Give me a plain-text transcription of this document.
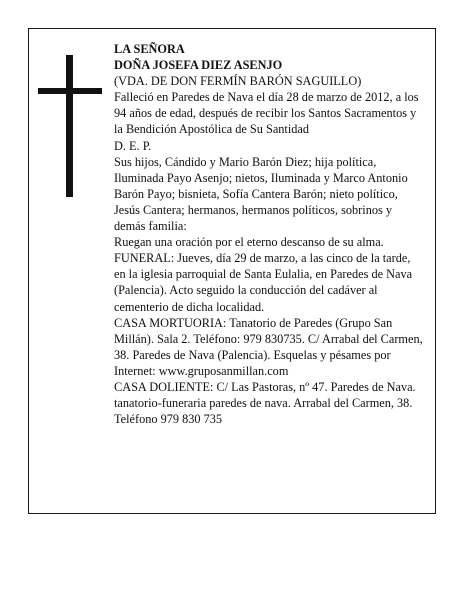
LA SEÑORA

DOÑA JOSEFA DIEZ ASENJO

(VDA. DE DON FERMÍN BARÓN SAGUILLO)

Falleció en Paredes de Nava el día 28 de marzo de 2012, a los 94 años de edad, después de recibir los Santos Sacramentos y la Bendición Apostólica de Su Santidad

D. E. P.

Sus hijos, Cándido y Mario Barón Diez; hija política, Iluminada Payo Asenjo; nietos, Iluminada y Marco Antonio Barón Payo; bisnieta, Sofía Cantera Barón; nieto político, Jesús Cantera; hermanos, hermanos políticos, sobrinos y demás familia:

Ruegan una oración por el eterno descanso de su alma.

FUNERAL: Jueves, día 29 de marzo, a las cinco de la tarde, en la iglesia parroquial de Santa Eulalia, en Paredes de Nava (Palencia). Acto seguido la conducción del cadáver al cementerio de dicha localidad.

CASA MORTUORIA: Tanatorio de Paredes (Grupo San Millán). Sala 2. Teléfono: 979 830735. C/ Arrabal del Carmen, 38. Paredes de Nava (Palencia). Esquelas y pésames por Internet: www.gruposanmillan.com

CASA DOLIENTE: C/ Las Pastoras, nº 47. Paredes de Nava.

tanatorio-funeraria paredes de nava. Arrabal del Carmen, 38. Teléfono 979 830 735
